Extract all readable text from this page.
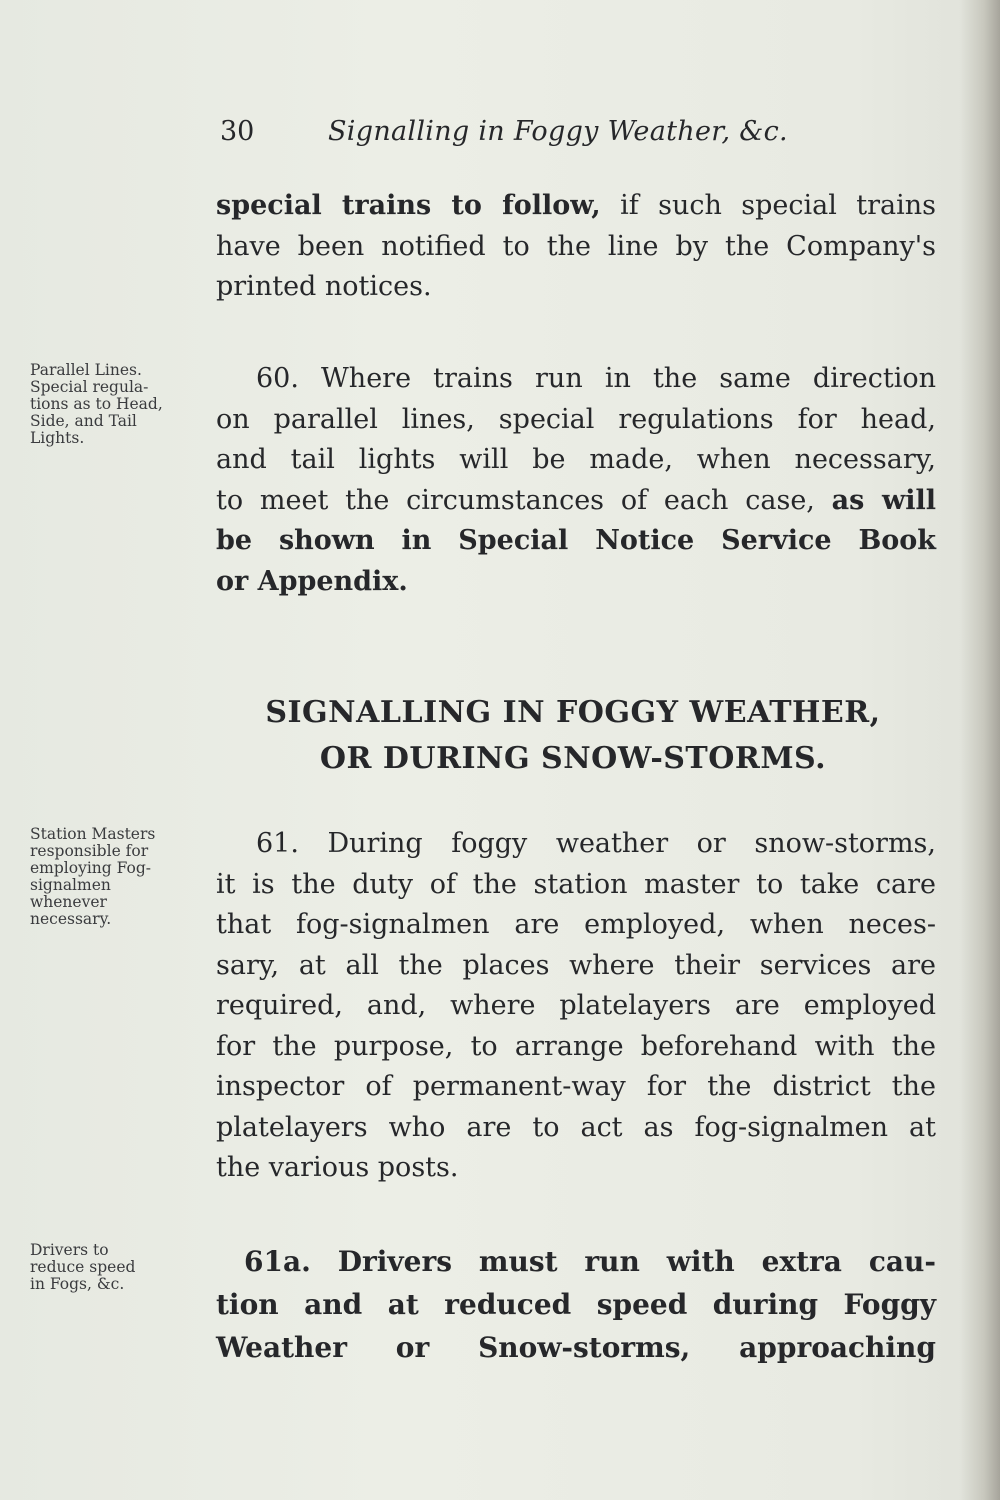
30	Signalling in Foggy Weather, &c.
special trains to follow, if such special trains
have been notified to the line by the Company's
printed notices.
Parallel Lines.
Special regula-
tions as to Head,
Side, and Tail
Lights.
60. Where trains run in the same direction
on parallel lines, special regulations for head,
and tail lights will be made, when necessary,
to meet the circumstances of each case, as will
be shown in Special Notice Service Book
or Appendix.
SIGNALLING IN FOGGY WEATHER,
OR DURING SNOW-STORMS.
Station Masters
responsible for
employing Fog-
signalmen
whenever
necessary.
61. During foggy weather or snow-storms,
it is the duty of the station master to take care
that fog-signalmen are employed, when neces-
sary, at all the places where their services are
required, and, where platelayers are employed
for the purpose, to arrange beforehand with the
inspector of permanent-way for the district the
platelayers who are to act as fog-signalmen at
the various posts.
Drivers to
reduce speed
in Fogs, &c.
61a. Drivers must run with extra cau-
tion and at reduced speed during Foggy
Weather or Snow-storms, approaching
